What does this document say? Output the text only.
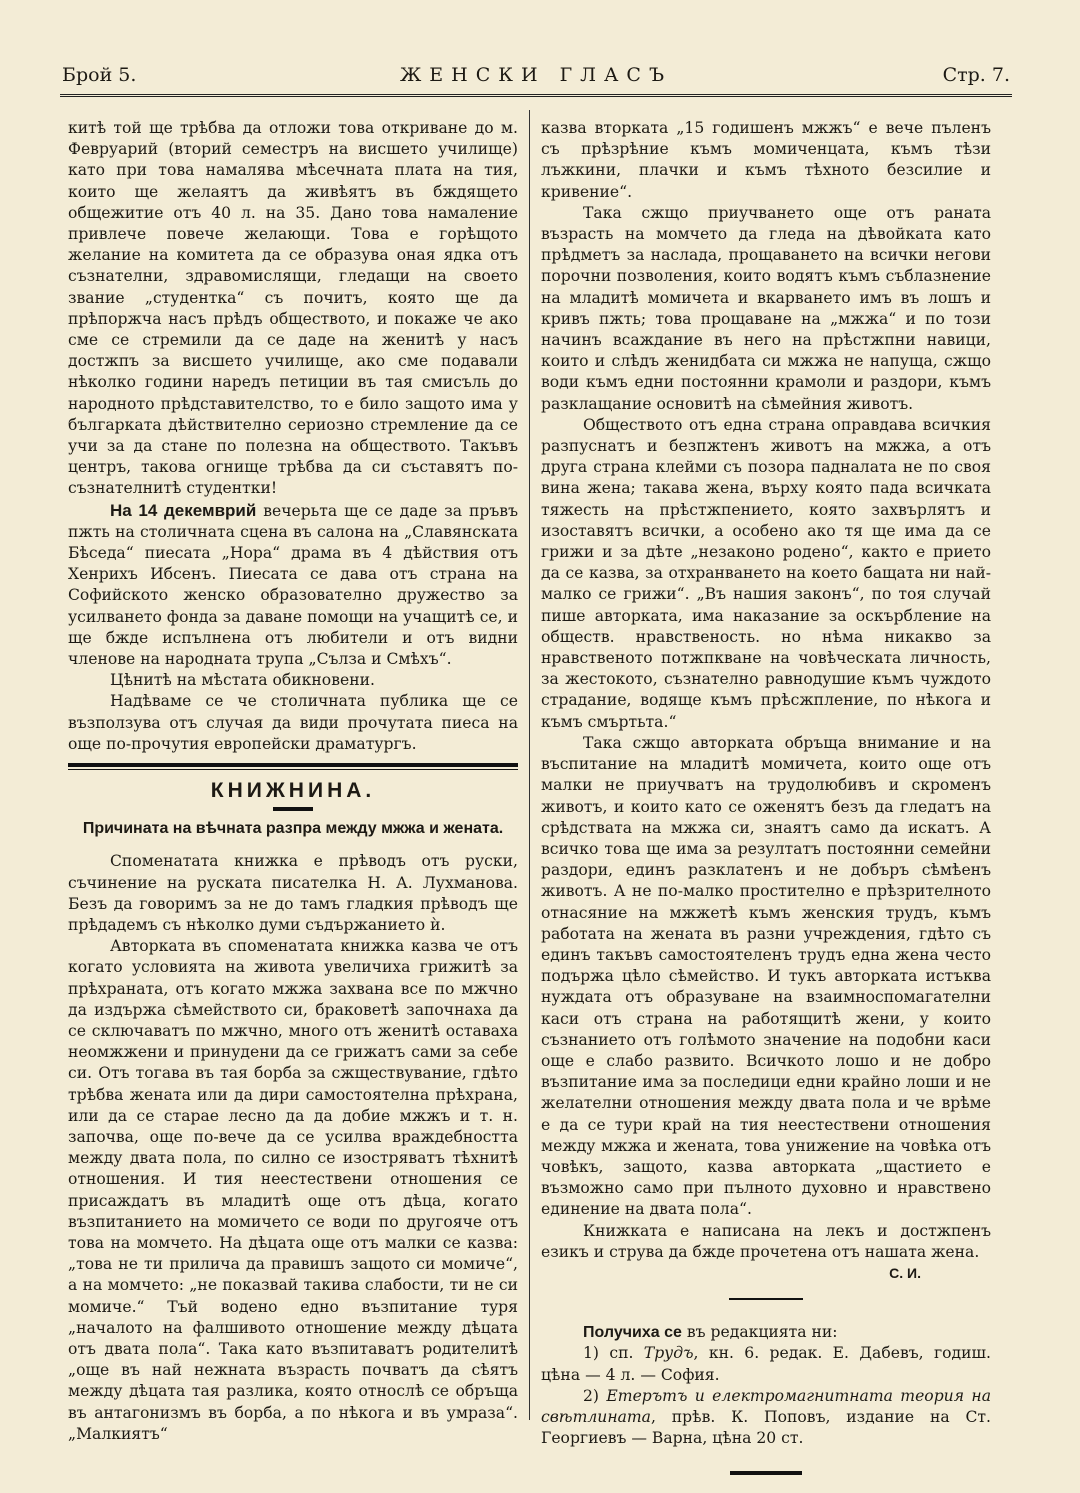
Брой 5.	ЖЕНСКИ ГЛАСЪ	Стр. 7.

китѣ той ще трѣбва да отложи това откриване до м. Февруарий (вторий семестръ на висшето училище) като при това намалява мѣсечната плата на тия, които ще желаятъ да живѣятъ въ бждящето общежитие отъ 40 л. на 35. Дано това намаление привлече повече желающи. Това е горѣщото желание на комитета да се образува оная ядка отъ съзнателни, здравомислящи, гледащи на своето звание „студентка“ съ почитъ, която ще да прѣпоржча насъ прѣдъ обществото, и покаже че ако сме се стремили да се даде на женитѣ у насъ достжпъ за висшето училище, ако сме подавали нѣколко години наредъ петиции въ тая смисъль до народното прѣдставителство, то е било защото има у българката дѣйствително сериозно стремление да се учи за да стане по полезна на обществото. Такъвъ центръ, такова огнище трѣбва да си съставятъ по-съзнателнитѣ студентки!

На 14 декемврий вечерьта ще се даде за пръвъ пжть на столичната сцена въ салона на „Славянската Бѣседа“ пиесата „Нора“ драма въ 4 дѣйствия отъ Хенрихъ Ибсенъ. Пиесата се дава отъ страна на Софийското женско образователно дружество за усилването фонда за даване помощи на учащитѣ се, и ще бжде испълнена отъ любители и отъ видни членове на народната трупа „Сълза и Смѣхъ“.

Цѣнитѣ на мѣстата обикновени.

Надѣваме се че столичната публика ще се възползува отъ случая да види прочутата пиеса на още по-прочутия европейски драматургъ.

КНИЖНИНА.
Причината на вѣчната разпра между мжжа и жената.

Споменатата книжка е прѣводъ отъ руски, съчинение на руската писателка Н. А. Лухманова. Безъ да говоримъ за не до тамъ гладкия прѣводъ ще прѣдадемъ съ нѣколко думи съдържанието ѝ.

Авторката въ споменатата книжка казва че отъ когато условията на живота увеличиха грижитѣ за прѣхраната, отъ когато мжжа захвана все по мжчно да издържа сѣмейството си, браковетѣ започнаха да се сключаватъ по мжчно, много отъ женитѣ оставаха неомжжени и принудени да се грижатъ сами за себе си. Отъ тогава въ тая борба за сжществувание, гдѣто трѣбва жената или да дири самостоятелна прѣхрана, или да се старае лесно да да добие мжжъ и т. н. започва, още по-вече да се усилва враждебността между двата пола, по силно се изостряватъ тѣхнитѣ отношения. И тия неестествени отношения се присаждатъ въ младитѣ още отъ дѣца, когато възпитанието на момичето се води по другояче отъ това на момчето. На дѣцата още отъ малки се казва: „това не ти прилича да правишъ защото си момиче“, а на момчето: „не показвай такива слабости, ти не си момиче.“ Тъй водено едно възпитание туря „началото на фалшивото отношение между дѣцата отъ двата пола“. Така като възпитаватъ родителитѣ „още въ най нежната възрасть почватъ да сѣятъ между дѣцата тая разлика, която относлѣ се обръща въ антагонизмъ въ борба, а по нѣкога и въ умраза“. „Малкиятъ“

казва вторката „15 годишенъ мжжъ“ е вече пъленъ съ прѣзрѣние къмъ момиченцата, къмъ тѣзи лъжкини, плачки и къмъ тѣхното безсилие и кривение“.

Така сжщо приучването още отъ раната възрасть на момчето да гледа на дѣвойката като прѣдметъ за наслада, прощаването на всички негови порочни позволения, които водятъ къмъ съблазнение на младитѣ момичета и вкарването имъ въ лошъ и кривъ пжть; това прощаване на „мжжа“ и по този начинъ всаждание въ него на прѣстжпни навици, които и слѣдъ женидбата си мжжа не напуща, сжщо води къмъ едни постоянни крамоли и раздори, къмъ разклащание основитѣ на сѣмейния животъ.

Обществото отъ една страна оправдава всичкия разпуснатъ и безпжтенъ животъ на мжжа, а отъ друга страна клейми съ позора падналата не по своя вина жена; такава жена, върху която пада всичката тяжесть на прѣстжпението, която захвърлятъ и изоставятъ всички, а особено ако тя ще има да се грижи и за дѣте „незаконо родено“, както е прието да се казва, за отхранването на което бащата ни най-малко се грижи“. „Въ нашия законъ“, по тоя случай пише авторката, има наказание за оскърбление на обществ. нравственость. но нѣма никакво за нравственото потжпкване на човѣческата личность, за жестокото, съзнателно равнодушие къмъ чуждото страдание, водяще къмъ прѣсжпление, по нѣкога и къмъ смъртьта.“

Така сжщо авторката обръща внимание и на въспитание на младитѣ момичета, които още отъ малки не приучватъ на трудолюбивъ и скроменъ животъ, и които като се оженятъ безъ да гледатъ на срѣдствата на мжжа си, знаятъ само да искатъ. А всичко това ще има за резултатъ постоянни семейни раздори, единъ разклатенъ и не добъръ сѣмѣенъ животъ. А не по-малко простително е прѣзрителното отнасяние на мжжетѣ къмъ женския трудъ, къмъ работата на жената въ разни учреждения, гдѣто съ единъ такъвъ самостоятеленъ трудъ една жена често подържа цѣло сѣмейство. И тукъ авторката истъква нуждата отъ образуване на взаимноспомагателни каси отъ страна на работящитѣ жени, у които съзнанието отъ голѣмото значение на подобни каси още е слабо развито. Всичкото лошо и не добро възпитание има за последици едни крайно лоши и не желателни отношения между двата пола и че врѣме е да се тури край на тия неестествени отношения между мжжа и жената, това унижение на човѣка отъ човѣкъ, защото, казва авторката „щастието е възможно само при пълното духовно и нравствено единение на двата пола“.

Книжката е написана на лекъ и достжпенъ езикъ и струва да бжде прочетена отъ нашата жена.

С. И.

Получиха се въ редакцията ни:

1) сп. Трудъ, кн. 6. редак. Е. Дабевъ, годиш. цѣна — 4 л. — София.

2) Етерътъ и електромагнитната теория на свѣтлината, прѣв. К. Поповъ, издание на Ст. Георгиевъ — Варна, цѣна 20 ст.
